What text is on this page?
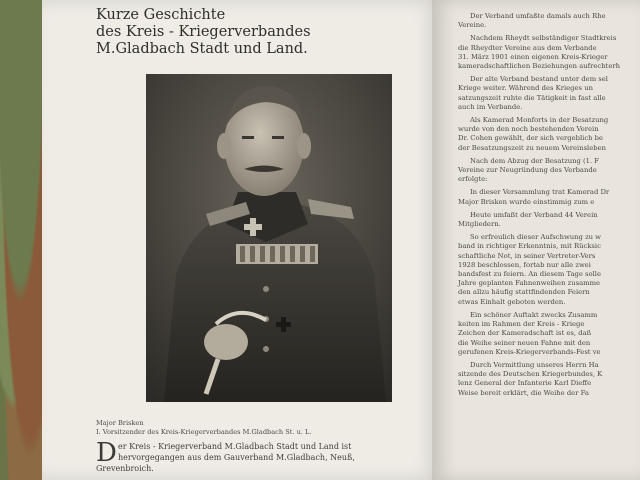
Kurze Geschichte
des Kreis - Kriegerverbandes
M.Gladbach Stadt und Land.
Major Brisken
I. Vorsitzender des Kreis-Kriegerverbandes M.Gladbach St. u. L.
D er Kreis - Kriegerverband M.Gladbach Stadt und Land ist
hervorgegangen aus dem Gauverband M.Gladbach, Neuß,
Grevenbroich.
Der Verband umfaßte damals auch Rhe
Vereine.
Nachdem Rheydt selbständiger Stadtkreis
die Rheydter Vereine aus dem Verbande
31. März 1901 einen eigenen Kreis-Krieger
kameradschaftlichen Beziehungen aufrechterh
Der alte Verband bestand unter dem sel
Kriege weiter. Während des Krieges un
satzungszeit ruhte die Tätigkeit in fast alle
auch im Verbande.
Als Kamerad Monforts in der Besatzung
wurde von den noch bestehenden Verein
Dr. Cohen gewählt, der sich vergeblich be
der Besatzungszeit zu neuem Vereinsleben
Nach dem Abzug der Besatzung (1. F
Vereine zur Neugründung des Verbande
erfolgte:
In dieser Versammlung trat Kamerad Dr
Major Brisken wurde einstimmig zum e
Heute umfaßt der Verband 44 Verein
Mitgliedern.
So erfreulich dieser Aufschwung zu w
band in richtiger Erkenntnis, mit Rücksic
schaftliche Not, in seiner Vertreter-Vers
1928 beschlossen, fortab nur alle zwei
bandsfest zu feiern. An diesem Tage solle
Jahre geplanten Fahnenweihen zusamme
den allzu häufig stattfindenden Feiern
etwas Einhalt geboten werden.
Ein schöner Auftakt zwecks Zusamm
keiten im Rahmen der Kreis - Kriege
Zeichen der Kameradschaft ist es, daß
die Weihe seiner neuen Fahne mit den
gerufenen Kreis-Kriegerverbands-Fest ve
Durch Vermittlung unseres Herrn Ha
sitzende des Deutschen Kriegerbundes, K
lenz General der Infanterie Karl Dieffe
Weise bereit erklärt, die Weihe der Fa
